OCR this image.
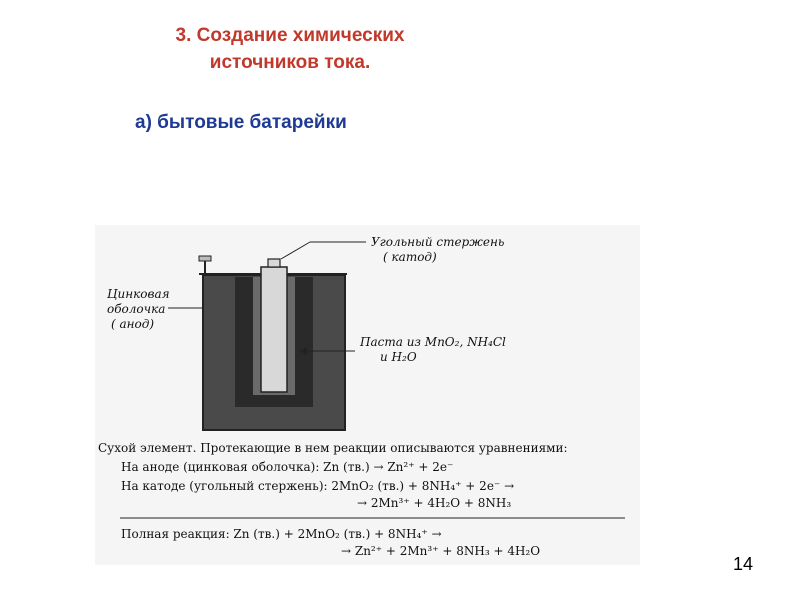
3. Создание химических
источников тока.
а) бытовые батарейки
Угольный стержень
( катод)
Цинковая
оболочка
( анод)
Паста из MnO₂, NH₄Cl
и H₂O
Сухой элемент. Протекающие в нем реакции описываются уравнениями:
На аноде (цинковая оболочка): Zn (тв.) → Zn²⁺ + 2e⁻
На катоде (угольный стержень): 2MnO₂ (тв.) + 8NH₄⁺ + 2e⁻ →
→ 2Mn³⁺ + 4H₂O + 8NH₃
Полная реакция: Zn (тв.) + 2MnO₂ (тв.) + 8NH₄⁺ →
→ Zn²⁺ + 2Mn³⁺ + 8NH₃ + 4H₂O
14
